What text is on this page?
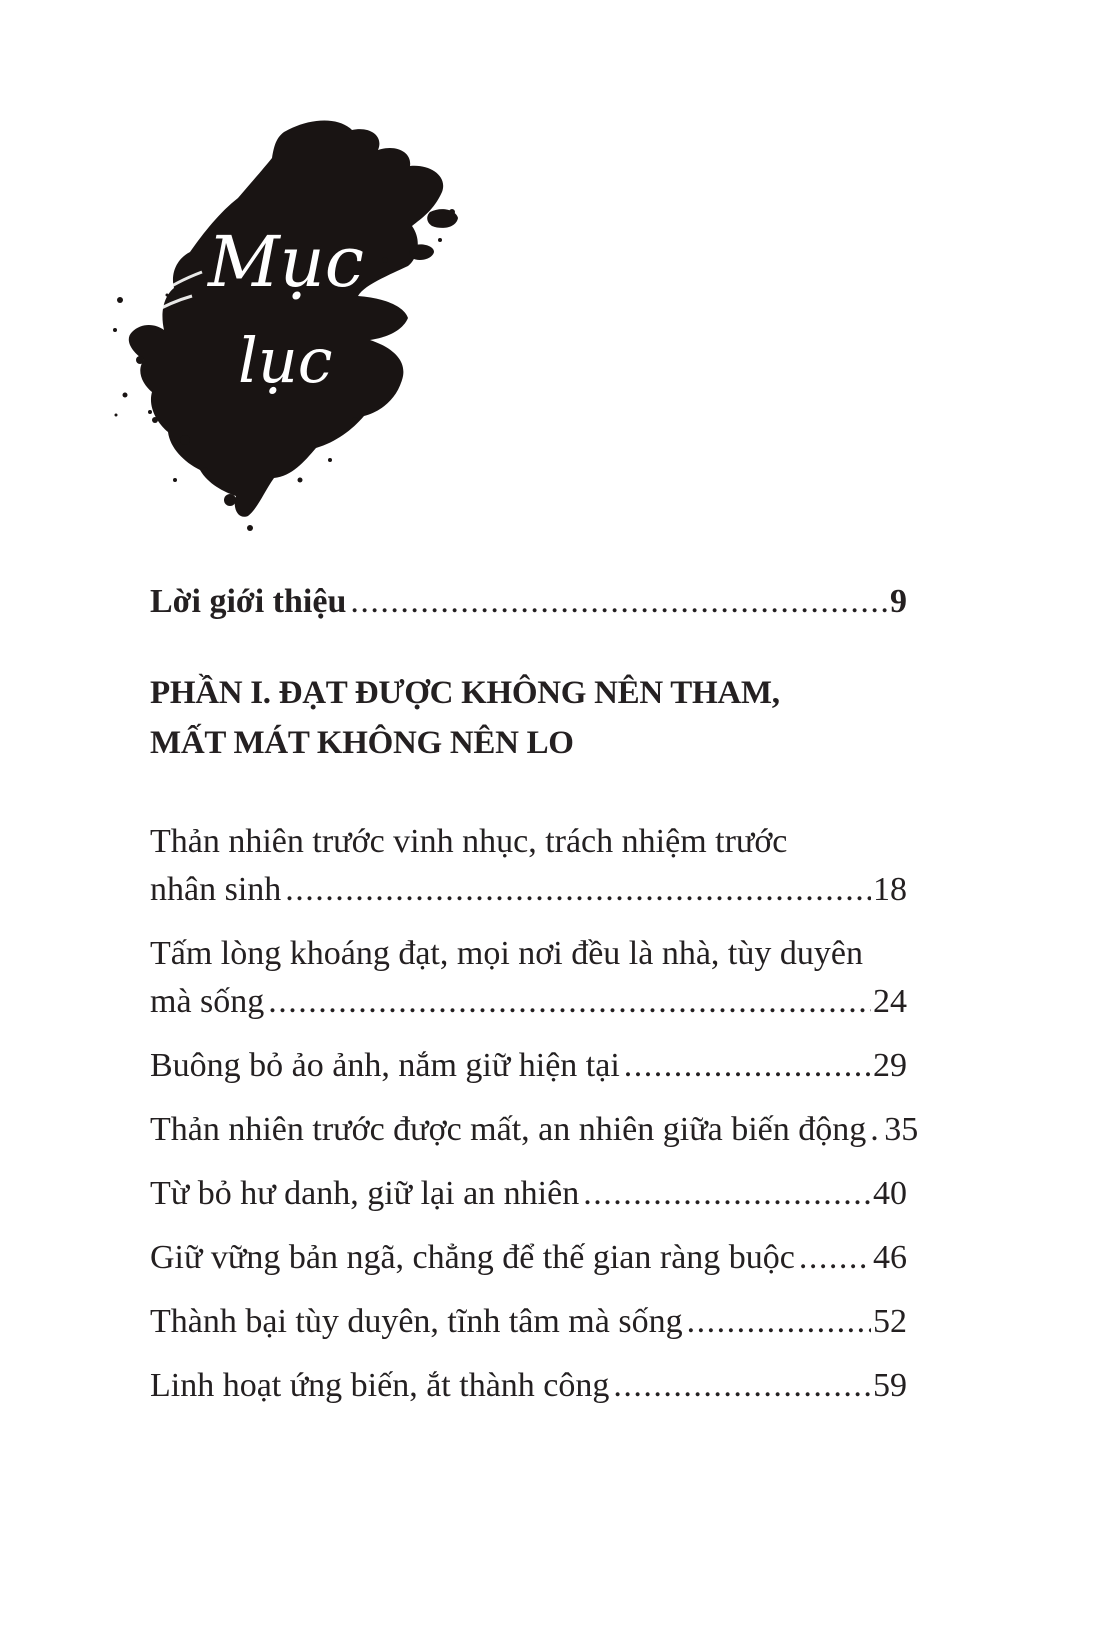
Mục
lục
Lời giới thiệu .....	9
PHẦN I. ĐẠT ĐƯỢC KHÔNG NÊN THAM,
MẤT MÁT KHÔNG NÊN LO
Thản nhiên trước vinh nhục, trách nhiệm trước
nhân sinh .....	18
Tấm lòng khoáng đạt, mọi nơi đều là nhà, tùy duyên
mà sống .....	24
Buông bỏ ảo ảnh, nắm giữ hiện tại .....	29
Thản nhiên trước được mất, an nhiên giữa biến động ..... 35
Từ bỏ hư danh, giữ lại an nhiên .....	40
Giữ vững bản ngã, chẳng để thế gian ràng buộc ..... 46
Thành bại tùy duyên, tĩnh tâm mà sống .....	52
Linh hoạt ứng biến, ắt thành công .....	59
